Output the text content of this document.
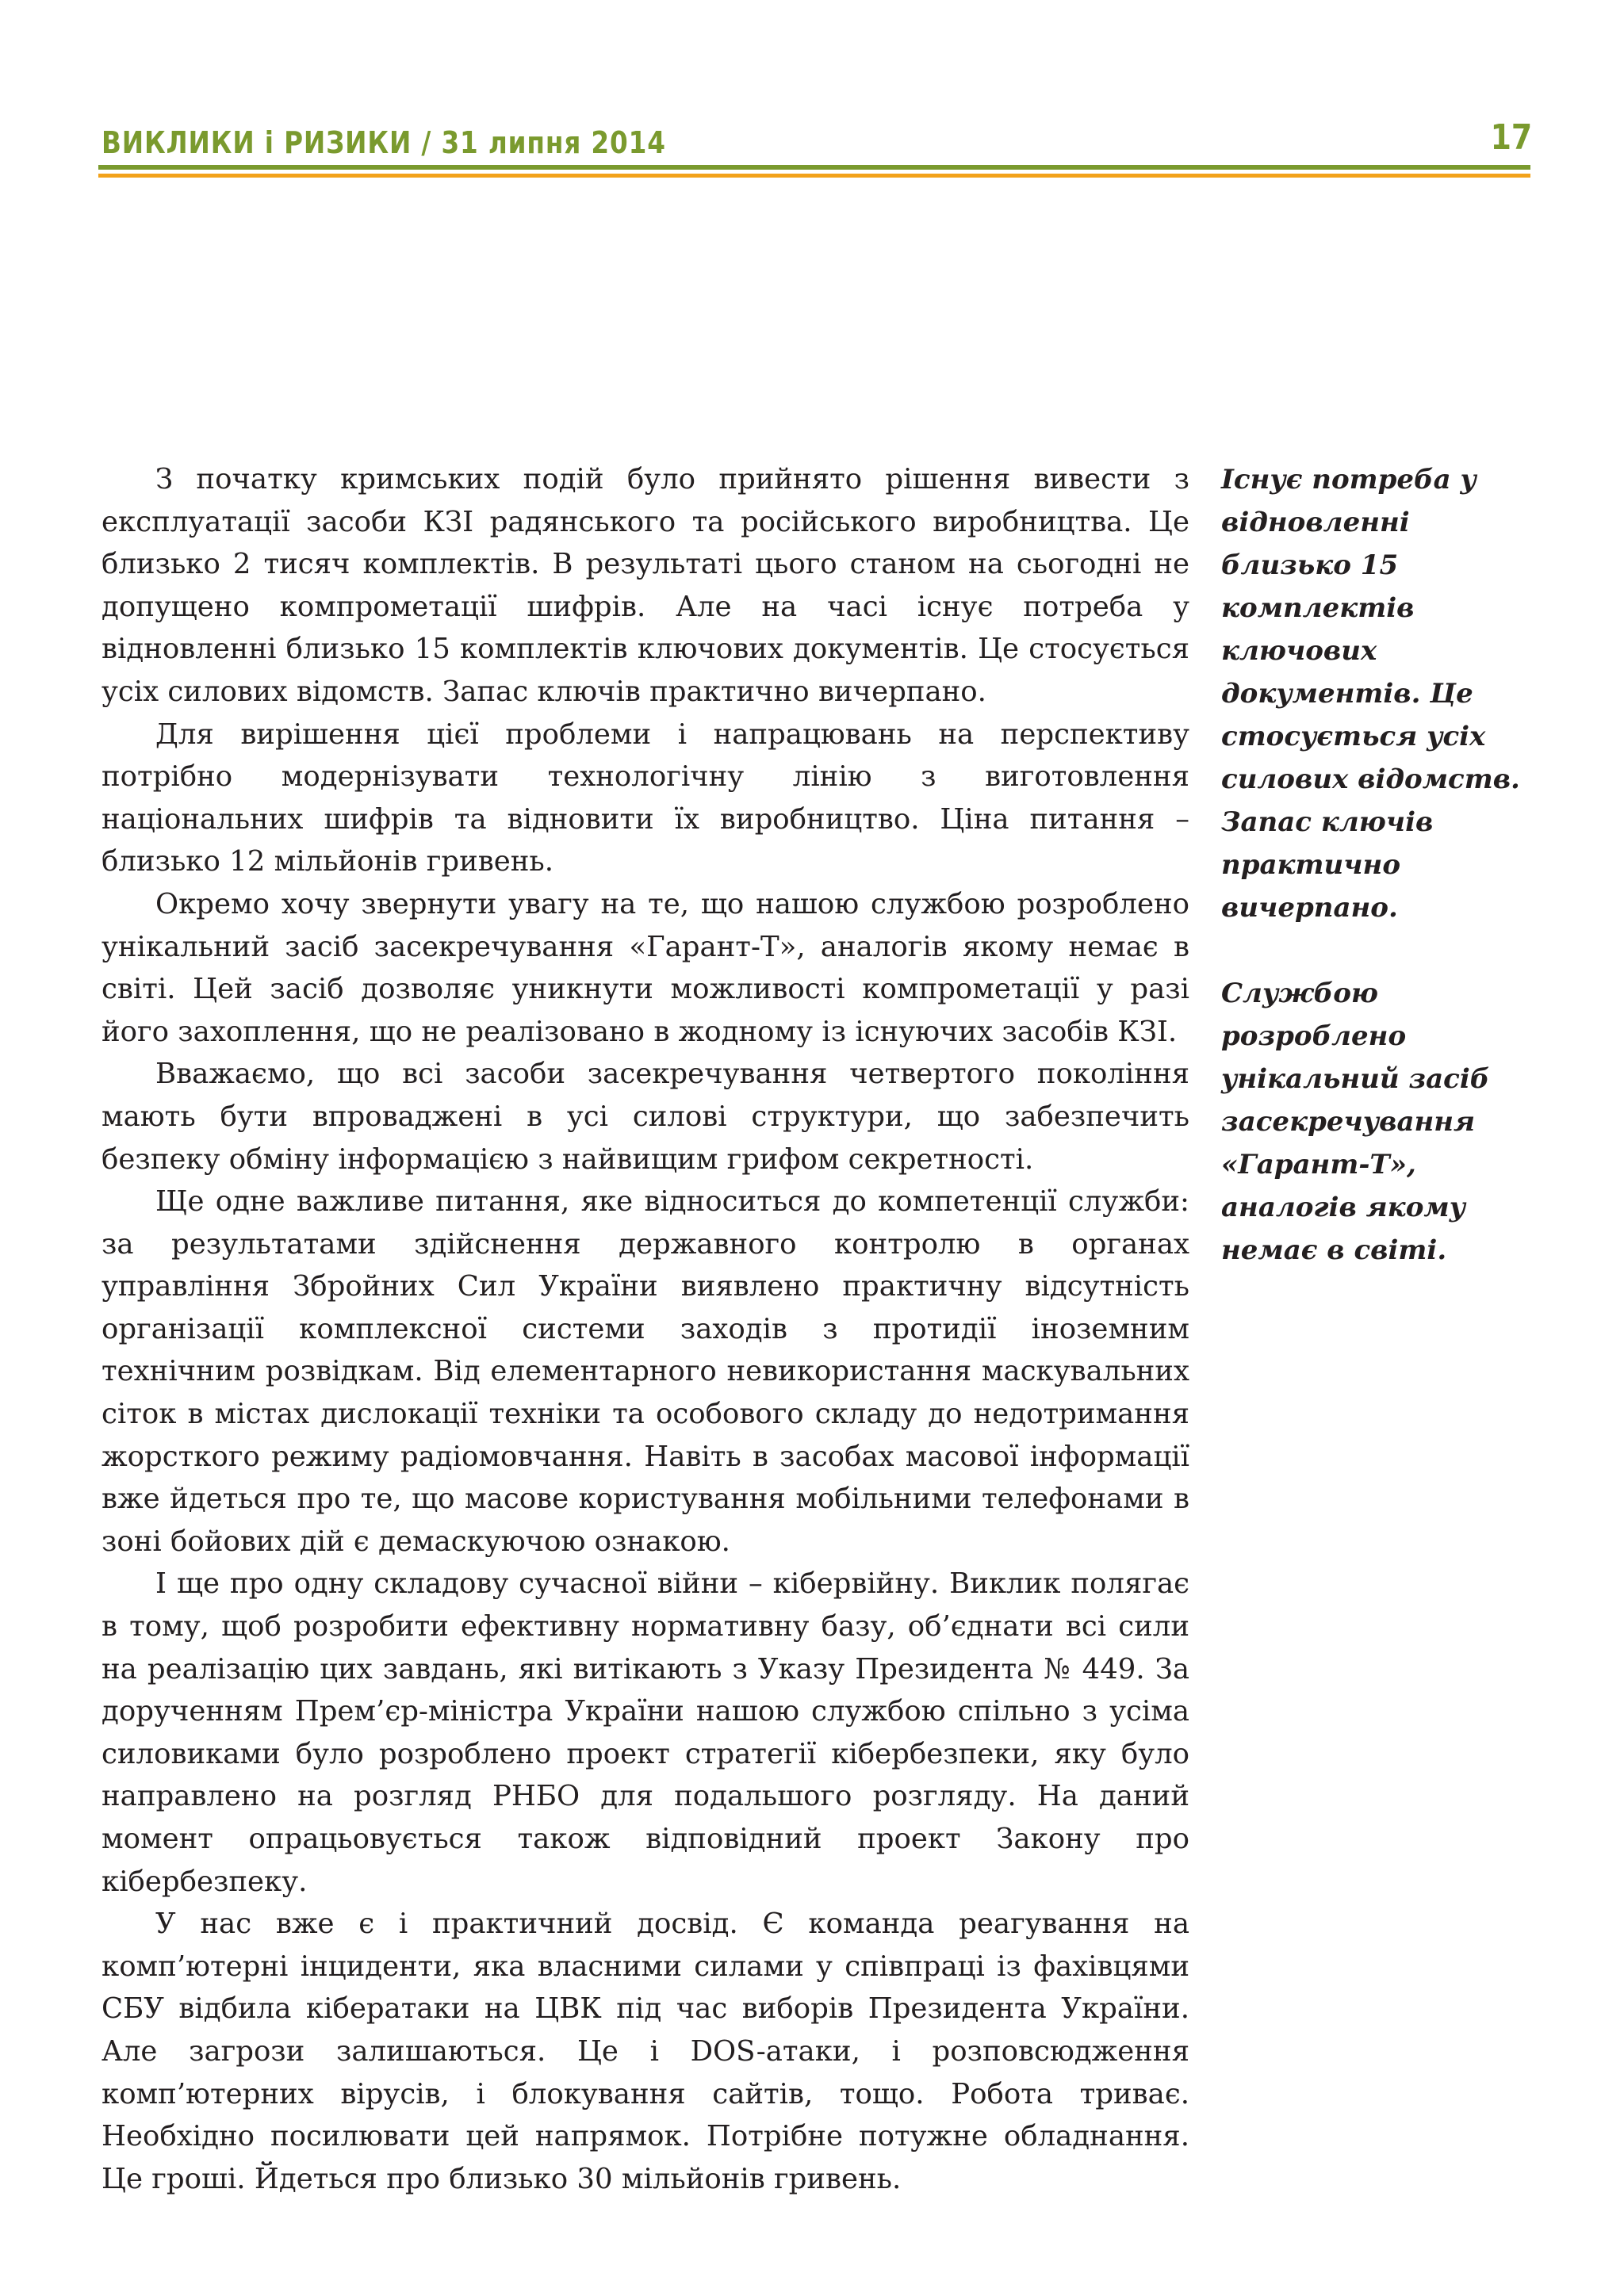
ВИКЛИКИ і РИЗИКИ / 31 липня 2014	17

З початку кримських подій було прийнято рішення вивести з експлуатації засоби КЗІ радянського та російського виробництва. Це близько 2 тисяч комплектів. В результаті цього станом на сьогодні не допущено компрометації шифрів. Але на часі існує потреба у відновленні близько 15 комплектів ключових документів. Це стосується усіх силових відомств. Запас ключів практично вичерпано.

Для вирішення цієї проблеми і напрацювань на перспективу потрібно модернізувати технологічну лінію з виготовлення національних шифрів та відновити їх виробництво. Ціна питання – близько 12 мільйонів гривень.

Окремо хочу звернути увагу на те, що нашою службою розроблено унікальний засіб засекречування «Гарант-Т», аналогів якому немає в світі. Цей засіб дозволяє уникнути можливості компрометації у разі його захоплення, що не реалізовано в жодному із існуючих засобів КЗІ.

Вважаємо, що всі засоби засекречування четвертого покоління мають бути впроваджені в усі силові структури, що забезпечить безпеку обміну інформацією з найвищим грифом секретності.

Ще одне важливе питання, яке відноситься до компетенції служби: за результатами здійснення державного контролю в органах управління Збройних Сил України виявлено практичну відсутність організації комплексної системи заходів з протидії іноземним технічним розвідкам. Від елементарного невикористання маскувальних сіток в містах дислокації техніки та особового складу до недотримання жорсткого режиму радіомовчання. Навіть в засобах масової інформації вже йдеться про те, що масове користування мобільними телефонами в зоні бойових дій є демаскуючою ознакою.

І ще про одну складову сучасної війни – кібервійну. Виклик полягає в тому, щоб розробити ефективну нормативну базу, об’єднати всі сили на реалізацію цих завдань, які витікають з Указу Президента № 449. За дорученням Прем’єр-міністра України нашою службою спільно з усіма силовиками було розроблено проект стратегії кібербезпеки, яку було направлено на розгляд РНБО для подальшого розгляду. На даний момент опрацьовується також відповідний проект Закону про кібербезпеку.

У нас вже є і практичний досвід. Є команда реагування на комп’ютерні інциденти, яка власними силами у співпраці із фахівцями СБУ відбила кібератаки на ЦВК під час виборів Президента України. Але загрози залишаються. Це і DOS-атаки, і розповсюдження комп’ютерних вірусів, і блокування сайтів, тощо. Робота триває. Необхідно посилювати цей напрямок. Потрібне потужне обладнання. Це гроші. Йдеться про близько 30 мільйонів гривень.

Існує потреба у відновленні близько 15 комплектів ключових документів. Це стосується усіх силових відомств. Запас ключів практично вичерпано.

Службою розроблено унікальний засіб засекречування «Гарант-Т», аналогів якому немає в світі.
